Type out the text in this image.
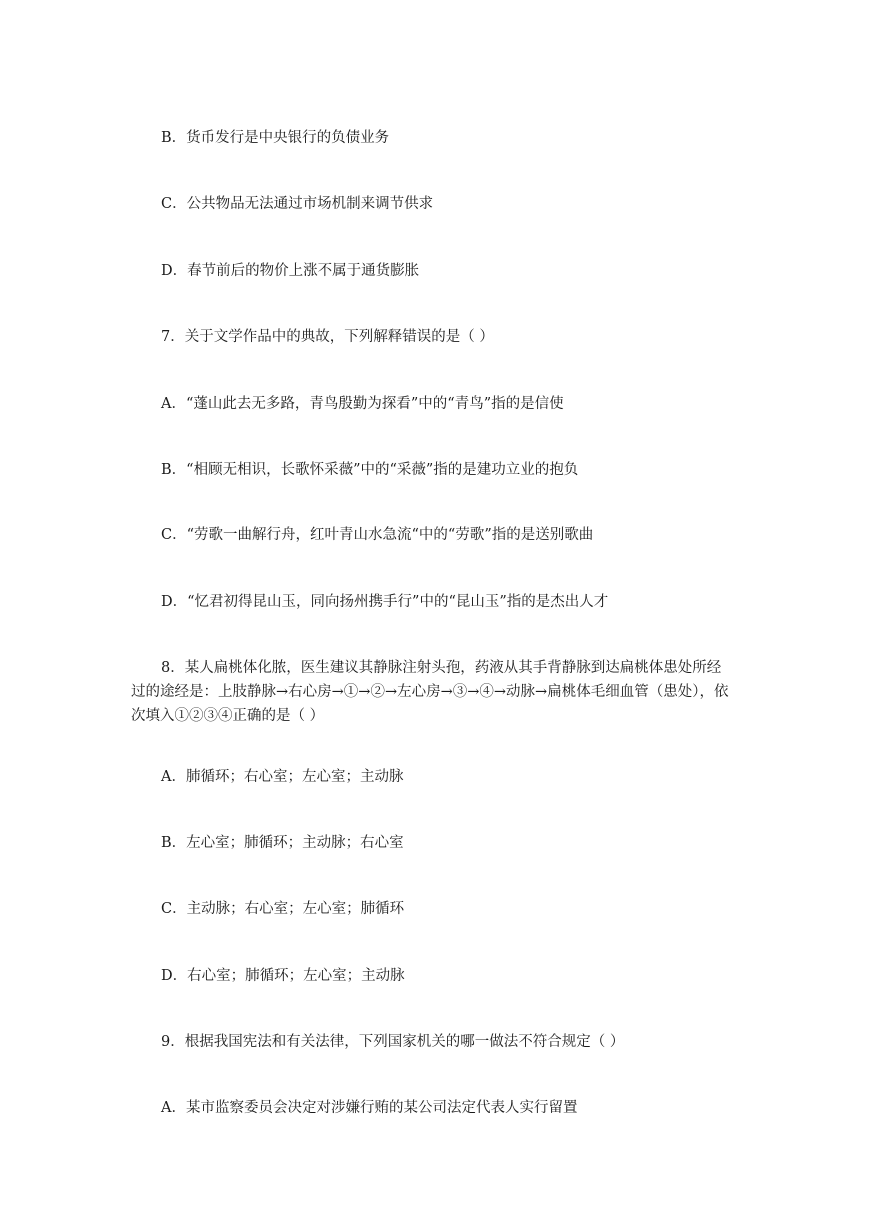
B．货币发行是中央银行的负债业务
C．公共物品无法通过市场机制来调节供求
D．春节前后的物价上涨不属于通货膨胀
7．关于文学作品中的典故，下列解释错误的是（ ）
A．“蓬山此去无多路，青鸟殷勤为探看”中的“青鸟”指的是信使
B．“相顾无相识，长歌怀采薇”中的“采薇”指的是建功立业的抱负
C．“劳歌一曲解行舟，红叶青山水急流“中的“劳歌”指的是送别歌曲
D．“忆君初得昆山玉，同向扬州携手行”中的“昆山玉”指的是杰出人才
8．某人扁桃体化脓，医生建议其静脉注射头孢，药液从其手背静脉到达扁桃体患处所经过的途经是：上肢静脉→右心房→①→②→左心房→③→④→动脉→扁桃体毛细血管（患处），依次填入①②③④正确的是（ ）
A．肺循环；右心室；左心室；主动脉
B．左心室；肺循环；主动脉；右心室
C．主动脉；右心室；左心室；肺循环
D．右心室；肺循环；左心室；主动脉
9．根据我国宪法和有关法律，下列国家机关的哪一做法不符合规定（ ）
A．某市监察委员会决定对涉嫌行贿的某公司法定代表人实行留置
